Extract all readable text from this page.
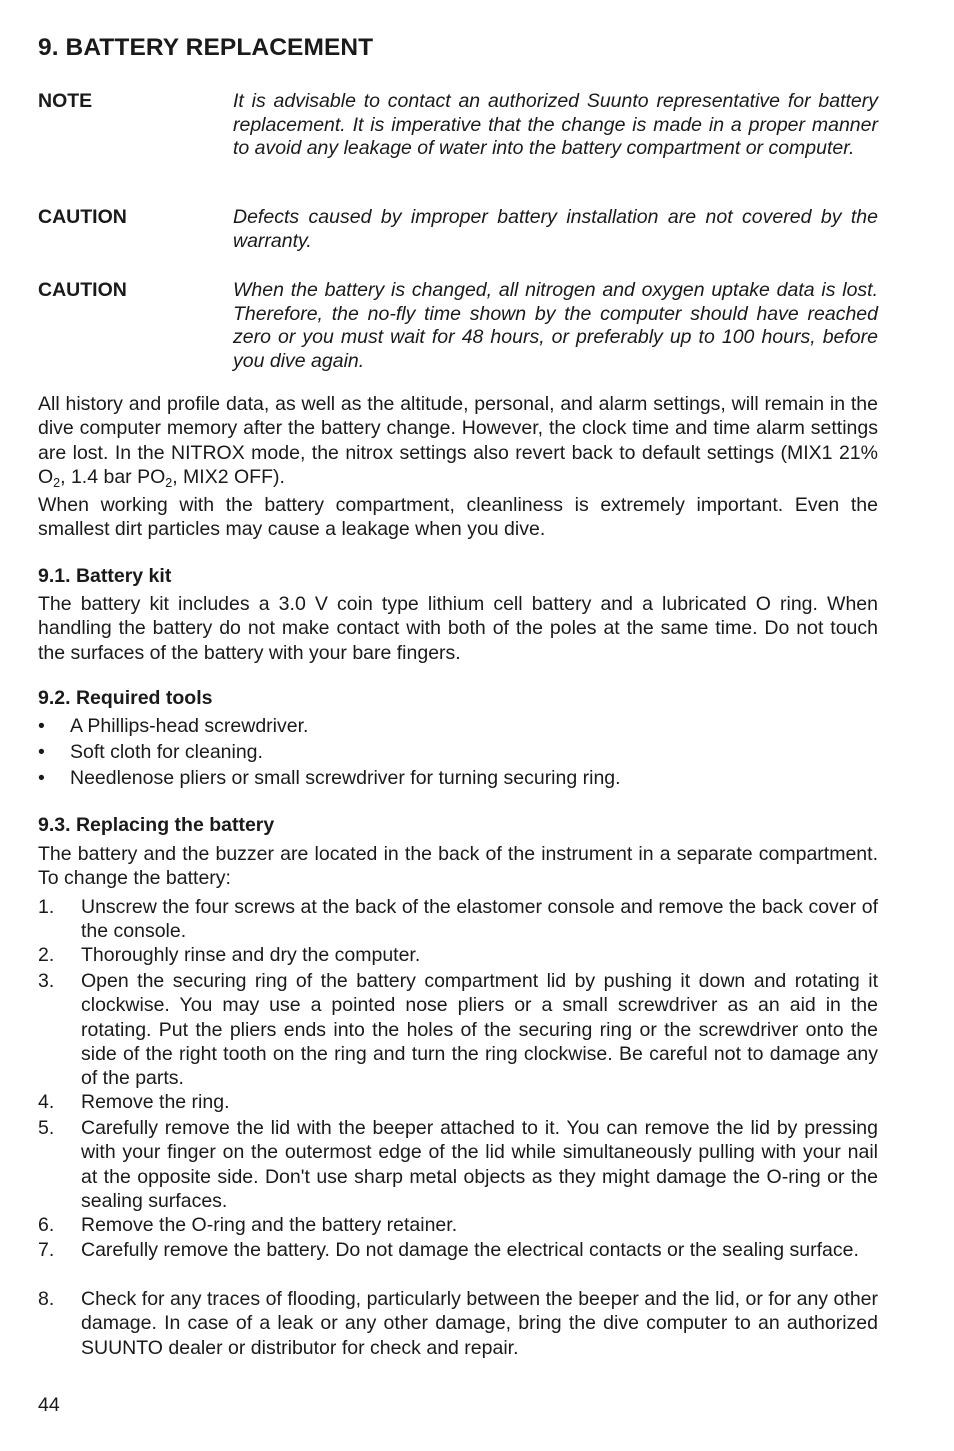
9. BATTERY REPLACEMENT
NOTE	It is advisable to contact an authorized Suunto representative for battery replacement. It is imperative that the change is made in a proper manner to avoid any leakage of water into the battery compartment or computer.
CAUTION	Defects caused by improper battery installation are not covered by the warranty.
CAUTION	When the battery is changed, all nitrogen and oxygen uptake data is lost. Therefore, the no-fly time shown by the computer should have reached zero or you must wait for 48 hours, or preferably up to 100 hours, before you dive again.

All history and profile data, as well as the altitude, personal, and alarm settings, will remain in the dive computer memory after the battery change. However, the clock time and time alarm settings are lost. In the NITROX mode, the nitrox settings also revert back to default settings (MIX1 21% $O_2$, 1.4 bar $PO_2$, MIX2 OFF).

When working with the battery compartment, cleanliness is extremely important. Even the smallest dirt particles may cause a leakage when you dive.

9.1. Battery kit

The battery kit includes a 3.0 V coin type lithium cell battery and a lubricated O ring. When handling the battery do not make contact with both of the poles at the same time. Do not touch the surfaces of the battery with your bare fingers.

9.2. Required tools
• A Phillips-head screwdriver.
• Soft cloth for cleaning.
• Needlenose pliers or small screwdriver for turning securing ring.
9.3. Replacing the battery

The battery and the buzzer are located in the back of the instrument in a separate compartment. To change the battery:

1. Unscrew the four screws at the back of the elastomer console and remove the back cover of the console.
2. Thoroughly rinse and dry the computer.
3. Open the securing ring of the battery compartment lid by pushing it down and rotating it clockwise. You may use a pointed nose pliers or a small screwdriver as an aid in the rotating. Put the pliers ends into the holes of the securing ring or the screwdriver onto the side of the right tooth on the ring and turn the ring clockwise. Be careful not to damage any of the parts.
4. Remove the ring.
5. Carefully remove the lid with the beeper attached to it. You can remove the lid by pressing with your finger on the outermost edge of the lid while simultaneously pulling with your nail at the opposite side. Don't use sharp metal objects as they might damage the O-ring or the sealing surfaces.
6. Remove the O-ring and the battery retainer.
7. Carefully remove the battery. Do not damage the electrical contacts or the sealing surface.
8. Check for any traces of flooding, particularly between the beeper and the lid, or for any other damage. In case of a leak or any other damage, bring the dive computer to an authorized SUUNTO dealer or distributor for check and repair.
44
